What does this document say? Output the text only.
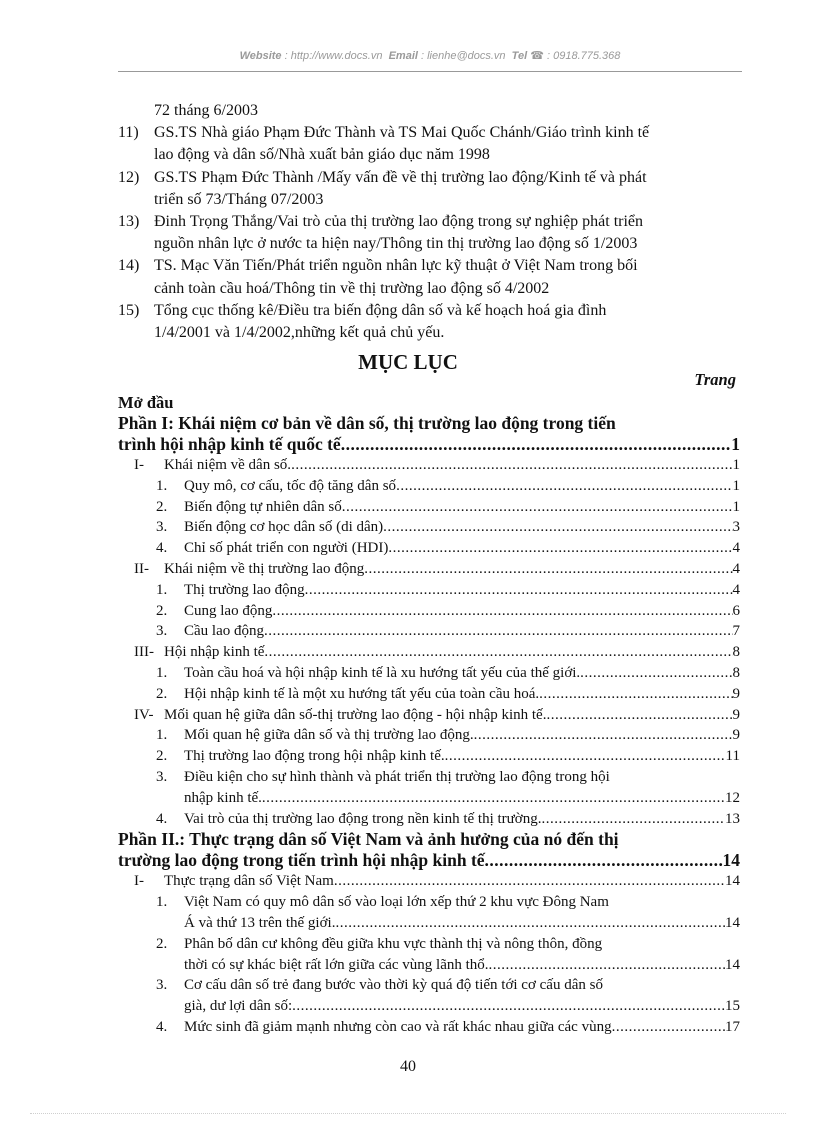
Website : http://www.docs.vn Email : lienhe@docs.vn Tel ☎ : 0918.775.368
72 tháng 6/2003
11) GS.TS Nhà giáo Phạm Đức Thành và TS Mai Quốc Chánh/Giáo trình kinh tế
lao động và dân số/Nhà xuất bản giáo dục năm 1998
12) GS.TS Phạm Đức Thành /Mấy vấn đề về thị trường lao động/Kinh tế và phát
triển số 73/Tháng 07/2003
13) Đinh Trọng Thắng/Vai trò của thị trường lao động trong sự nghiệp phát triển
nguồn nhân lực ở nước ta hiện nay/Thông tin thị trường lao động số 1/2003
14) TS. Mạc Văn Tiến/Phát triển nguồn nhân lực kỹ thuật ở Việt Nam trong bối
cảnh toàn cầu hoá/Thông tin về thị trường lao động số 4/2002
15) Tổng cục thống kê/Điều tra biến động dân số và kế hoạch hoá gia đình
1/4/2001 và 1/4/2002,những kết quả chủ yếu.
MỤC LỤC
Trang
Mở đầu
Phần I: Khái niệm cơ bản về dân số, thị trường lao động trong tiến
trình hội nhập kinh tế quốc tế .....	1
I- Khái niệm về dân số. .....	1
1. Quy mô, cơ cấu, tốc độ tăng dân số .....	1
2. Biến động tự nhiên dân số .....	1
3. Biến động cơ học dân số (di dân) .....	3
4. Chỉ số phát triển con người (HDI) .....	4
II- Khái niệm về thị trường lao động .....	4
1. Thị trường lao động .....	4
2. Cung lao động .....	6
3. Cầu lao động .....	7
III- Hội nhập kinh tế .....	8
1. Toàn cầu hoá và hội nhập kinh tế là xu hướng tất yếu của thế giới. .....	8
2. Hội nhập kinh tế là một xu hướng tất yếu của toàn cầu hoá. .....	9
IV- Mối quan hệ giữa dân số-thị trường lao động - hội nhập kinh tế. .....	9
1. Mối quan hệ giữa dân số và thị trường lao động. .....	9
2. Thị trường lao động trong hội nhập kinh tế. .....	11
3. Điều kiện cho sự hình thành và phát triển thị trường lao động trong hội
nhập kinh tế. .....	12
4. Vai trò của thị trường lao động trong nền kinh tế thị trường. .....	13
Phần II.: Thực trạng dân số Việt Nam và ảnh hưởng của nó đến thị
trường lao động trong tiến trình hội nhập kinh tế .....	14
I- Thực trạng dân số Việt Nam .....	14
1. Việt Nam có quy mô dân số vào loại lớn xếp thứ 2 khu vực Đông Nam
Á và thứ 13 trên thế giới. .....	14
2. Phân bố dân cư không đều giữa khu vực thành thị và nông thôn, đồng
thời có sự khác biệt rất lớn giữa các vùng lãnh thổ. .....	14
3. Cơ cấu dân số trẻ đang bước vào thời kỳ quá độ tiến tới cơ cấu dân số
già, dư lợi dân số: .....	15
4. Mức sinh đã giảm mạnh nhưng còn cao và rất khác nhau giữa các vùng .....	17
40
